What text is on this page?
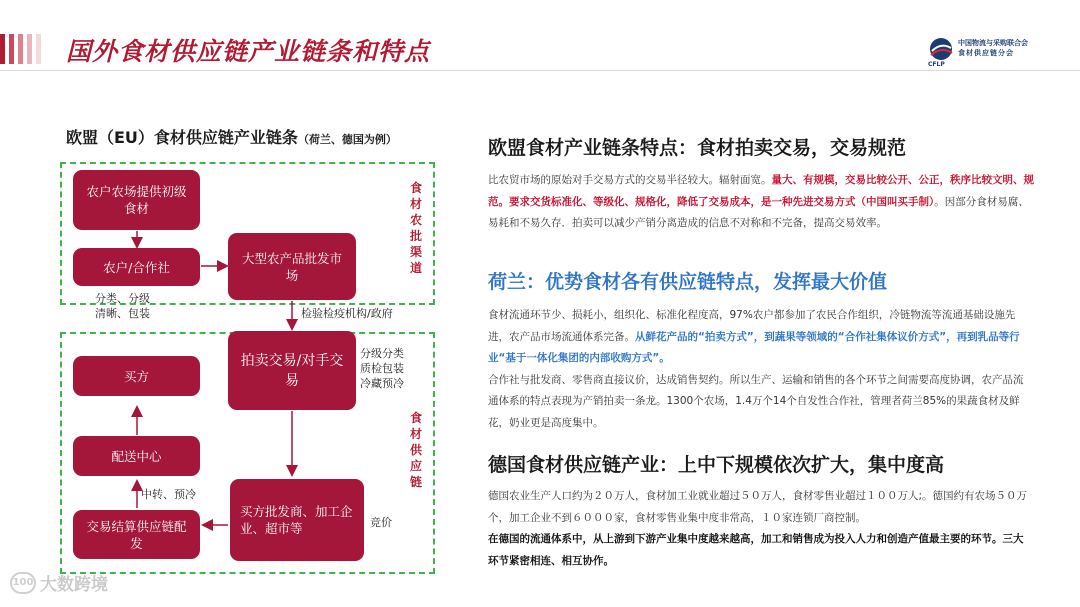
国外食材供应链产业链条和特点	中国物流与采购联合会
食材供应链分会
CFLP
欧盟（EU）食材供应链产业链条（荷兰、德国为例）
食材农批渠道
食材供应链
农户农场提供初级食材
农户/合作社
大型农产品批发市场
拍卖交易/对手交易
买方
配送中心
交易结算供应链配发
买方批发商、加工企业、超市等
分类、分级清晰、包装	检验检疫机构/政府
分级分类质检包装冷藏预冷
中转、预冷
竞价
欧盟食材产业链条特点：食材拍卖交易，交易规范
比农贸市场的原始对手交易方式的交易半径较大。辐射面宽。量大、有规模，交易比较公开、公正，秩序比较文明、规范。要求交货标准化、等级化、规格化，降低了交易成本，是一种先进交易方式（中国叫买手制）。因部分食材易腐、易耗和不易久存．拍卖可以减少产销分离造成的信息不对称和不完备，提高交易效率。
荷兰：优势食材各有供应链特点，发挥最大价值
食材流通环节少、损耗小，组织化、标准化程度高，97%农户都参加了农民合作组织，冷链物流等流通基础设施先进，农产品市场流通体系完备。从鲜花产品的“拍卖方式”，到蔬果等领域的“合作社集体议价方式”，再到乳品等行业“基于一体化集团的内部收购方式”。
合作社与批发商、零售商直接议价，达成销售契约。所以生产、运输和销售的各个环节之间需要高度协调，农产品流通体系的特点表现为产销拍卖一条龙。1300个农场，1.4万个14个自发性合作社，管理者荷兰85%的果蔬食材及鲜花，奶业更是高度集中。
德国食材供应链产业：上中下规模依次扩大，集中度高
德国农业生产人口约为２０万人，食材加工业就业超过５０万人，食材零售业超过１００万人;。德国约有农场５０万个，加工企业不到６０００家，食材零售业集中度非常高，１０家连锁厂商控制。
在德国的流通体系中，从上游到下游产业集中度越来越高，加工和销售成为投入人力和创造产值最主要的环节。三大环节紧密相连、相互协作。
100 大数跨境
